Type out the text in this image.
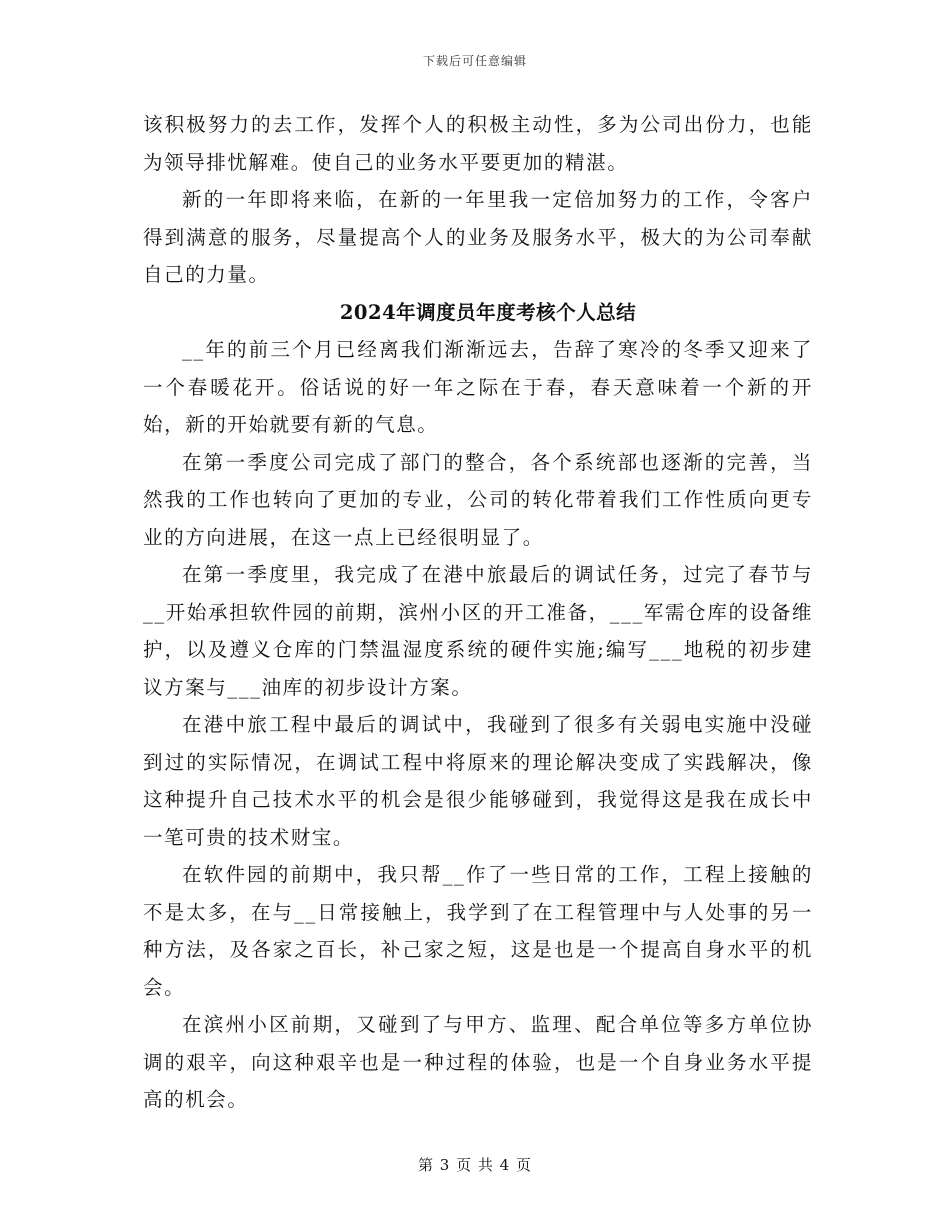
下载后可任意编辑

该积极努力的去工作，发挥个人的积极主动性，多为公司出份力，也能为领导排忧解难。使自己的业务水平要更加的精湛。

新的一年即将来临，在新的一年里我一定倍加努力的工作，令客户得到满意的服务，尽量提高个人的业务及服务水平，极大的为公司奉献自己的力量。

2024年调度员年度考核个人总结

__年的前三个月已经离我们渐渐远去，告辞了寒冷的冬季又迎来了一个春暖花开。俗话说的好一年之际在于春，春天意味着一个新的开始，新的开始就要有新的气息。

在第一季度公司完成了部门的整合，各个系统部也逐渐的完善，当然我的工作也转向了更加的专业，公司的转化带着我们工作性质向更专业的方向进展，在这一点上已经很明显了。

在第一季度里，我完成了在港中旅最后的调试任务，过完了春节与__开始承担软件园的前期，滨州小区的开工准备，___军需仓库的设备维护，以及遵义仓库的门禁温湿度系统的硬件实施;编写___地税的初步建议方案与___油库的初步设计方案。

在港中旅工程中最后的调试中，我碰到了很多有关弱电实施中没碰到过的实际情况，在调试工程中将原来的理论解决变成了实践解决，像这种提升自己技术水平的机会是很少能够碰到，我觉得这是我在成长中一笔可贵的技术财宝。

在软件园的前期中，我只帮__作了一些日常的工作，工程上接触的不是太多，在与__日常接触上，我学到了在工程管理中与人处事的另一种方法，及各家之百长，补己家之短，这是也是一个提高自身水平的机会。

在滨州小区前期，又碰到了与甲方、监理、配合单位等多方单位协调的艰辛，向这种艰辛也是一种过程的体验，也是一个自身业务水平提高的机会。

第 3 页 共 4 页
